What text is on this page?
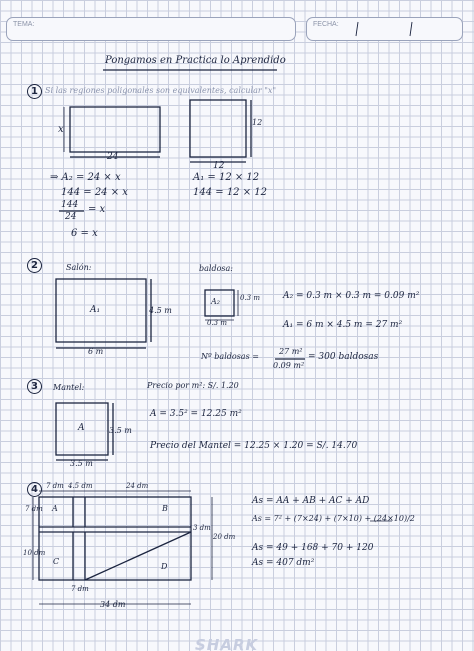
TEMA:	FECHA:
Pongamos en Practica lo Aprendido
1 Si las regiones poligonales son equivalentes, calcular "x"
x
24
12
12
⇒ A₂ = 24 × x
144 = 24 × x
144
24
= x
6 = x
A₁ = 12 × 12
144 = 12 × 12
2	Salón:	baldosa:
A₁	4.5 m
6 m
A₂	0.3 m
0.3 m
A₂ = 0.3 m × 0.3 m = 0.09 m²
A₁ = 6 m × 4.5 m = 27 m²
Nº baldosas =
27 m²
0.09 m²
= 300 baldosas
3	Mantel:	Precio por m²: S/. 1.20
A	3.5 m
3.5 m
A = 3.5² = 12.25 m²
Precio del Mantel = 12.25 × 1.20 = S/. 14.70
4	7 dm 4.5 dm	24 dm
7 dm
10 dm
3 dm
20 dm
7 dm
34 dm
A	B
C
D
As = AA + AB + AC + AD
As = 7² + (7×24) + (7×10) + (24×10)/2
As = 49 + 168 + 70 + 120
As = 407 dm²
SHARK
